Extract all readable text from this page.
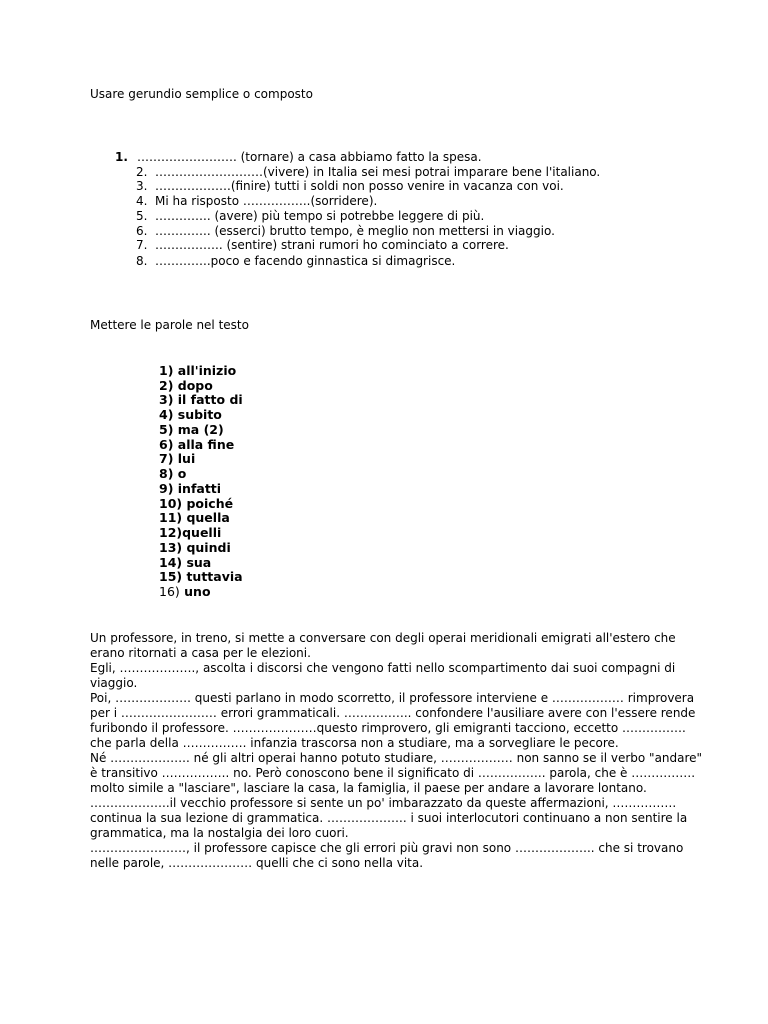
Usare gerundio semplice o composto
1. ……………………. (tornare) a casa abbiamo fatto la spesa.
2. ………………………(vivere) in Italia sei mesi potrai imparare bene l'italiano.
3. ……………….(finire) tutti i soldi non posso venire in vacanza con voi.
4. Mi ha risposto ……………..(sorridere).
5. ………….. (avere) più tempo si potrebbe leggere di più.
6. ………….. (esserci) brutto tempo, è meglio non mettersi in viaggio.
7. …………….. (sentire) strani rumori ho cominciato a correre.
8. …………..poco e facendo ginnastica si dimagrisce.
Mettere le parole nel testo
1) all'inizio
2) dopo
3) il fatto di
4) subito
5) ma (2)
6) alla fine
7) lui
8) o
9) infatti
10) poiché
11) quella
12)quelli
13) quindi
14) sua
15) tuttavia
16) uno
Un professore, in treno, si mette a conversare con degli operai meridionali emigrati all'estero che
erano ritornati a casa per le elezioni.
Egli, ………………., ascolta i discorsi che vengono fatti nello scompartimento dai suoi compagni di
viaggio.
Poi, ………………. questi parlano in modo scorretto, il professore interviene e ……………… rimprovera
per i …………………… errori grammaticali. …………….. confondere l'ausiliare avere con l'essere rende
furibondo il professore. …………………questo rimprovero, gli emigranti tacciono, eccetto …………….
che parla della ……………. infanzia trascorsa non a studiare, ma a sorvegliare le pecore.
Né ……………….. né gli altri operai hanno potuto studiare, ……………… non sanno se il verbo "andare"
è transitivo …………….. no. Però conoscono bene il significato di …………….. parola, che è …………….
molto simile a "lasciare", lasciare la casa, la famiglia, il paese per andare a lavorare lontano.
………………..il vecchio professore si sente un po' imbarazzato da queste affermazioni, …………….
continua la sua lezione di grammatica. ……………….. i suoi interlocutori continuano a non sentire la
grammatica, ma la nostalgia dei loro cuori.
……………………, il professore capisce che gli errori più gravi non sono ……………….. che si trovano
nelle parole, ………………… quelli che ci sono nella vita.
